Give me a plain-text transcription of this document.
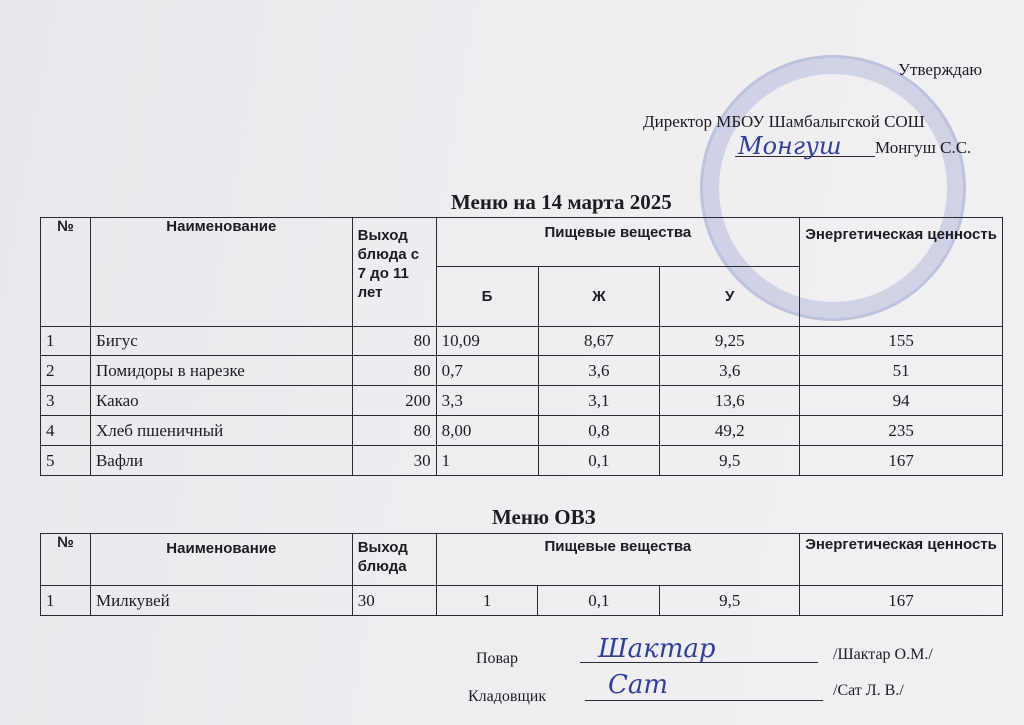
Утверждаю
Директор МБОУ Шамбалыгской СОШ
Монгуш Монгуш С.С.
Меню на 14 марта 2025
№	Наименование	Выход блюда с 7 до 11 лет	Пищевые вещества			Энергетическая ценность
			Б	Ж	У	
1	Бигус	80	10,09	8,67	9,25	155
2	Помидоры в нарезке	80	0,7	3,6	3,6	51
3	Какао	200	3,3	3,1	13,6	94
4	Хлеб пшеничный	80	8,00	0,8	49,2	235
5	Вафли	30	1	0,1	9,5	167
Меню ОВЗ
№	Наименование	Выход блюда	Пищевые вещества			Энергетическая ценность
1	Милкувей	30	1	0,1	9,5	167
Повар	Шактар	/Шактар О.М./
Кладовщик Сат	/Сат Л. В./
